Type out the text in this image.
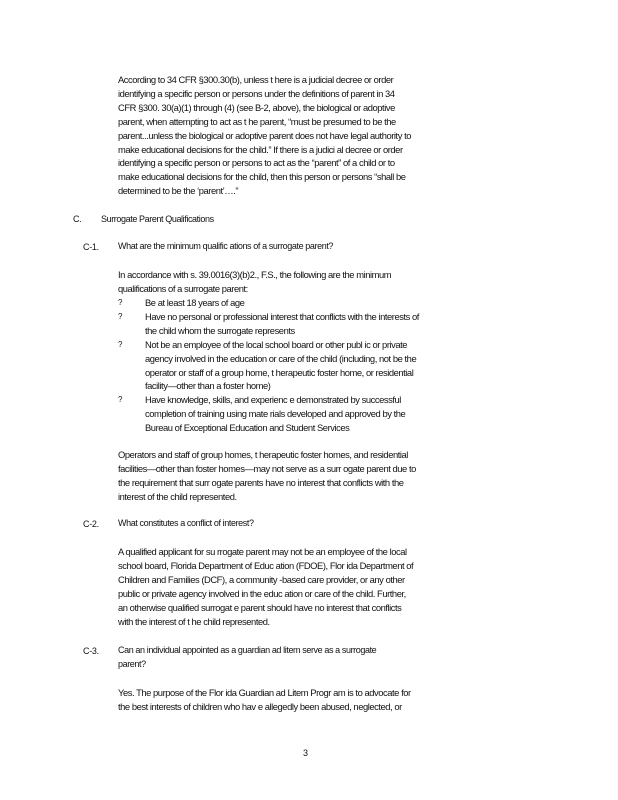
According to 34 CFR §300.30(b), unless t here is a judicial decree or order
identifying a specific person or persons under the definitions of parent in 34
CFR §300. 30(a)(1) through (4) (see B-2, above), the biological or adoptive
parent, when attempting to act as t he parent, “must be presumed to be the
parent...unless the biological or adoptive parent does not have legal authority to
make educational decisions for the child.” If there is a judici al decree or order
identifying a specific person or persons to act as the “parent” of a child or to
make educational decisions for the child, then this person or persons “shall be
determined to be the ‘parent’….”
C. Surrogate Parent Qualifications
C-1. What are the minimum qualific ations of a surrogate parent?
In accordance with s. 39.0016(3)(b)2., F.S., the following are the minimum
qualifications of a surrogate parent:
? Be at least 18 years of age
? Have no personal or professional interest that conflicts with the interests of
the child whom the surrogate represents
? Not be an employee of the local school board or other publ ic or private
agency involved in the education or care of the child (including, not be the
operator or staff of a group home, t herapeutic foster home, or residential
facility—other than a foster home)
? Have knowledge, skills, and experienc e demonstrated by successful
completion of training using mate rials developed and approved by the
Bureau of Exceptional Education and Student Services
Operators and staff of group homes, t herapeutic foster homes, and residential
facilities—other than foster homes—may not serve as a surr ogate parent due to
the requirement that surr ogate parents have no interest that conflicts with the
interest of the child represented.
C-2. What constitutes a conflict of interest?
A qualified applicant for su rrogate parent may not be an employee of the local
school board, Florida Department of Educ ation (FDOE), Flor ida Department of
Children and Families (DCF), a community -based care provider, or any other
public or private agency involved in the educ ation or care of the child. Further,
an otherwise qualified surrogat e parent should have no interest that conflicts
with the interest of t he child represented.
C-3. Can an individual appointed as a guardian ad litem serve as a surrogate
parent?
Yes. The purpose of the Flor ida Guardian ad Litem Progr am is to advocate for
the best interests of children who hav e allegedly been abused, neglected, or
3
